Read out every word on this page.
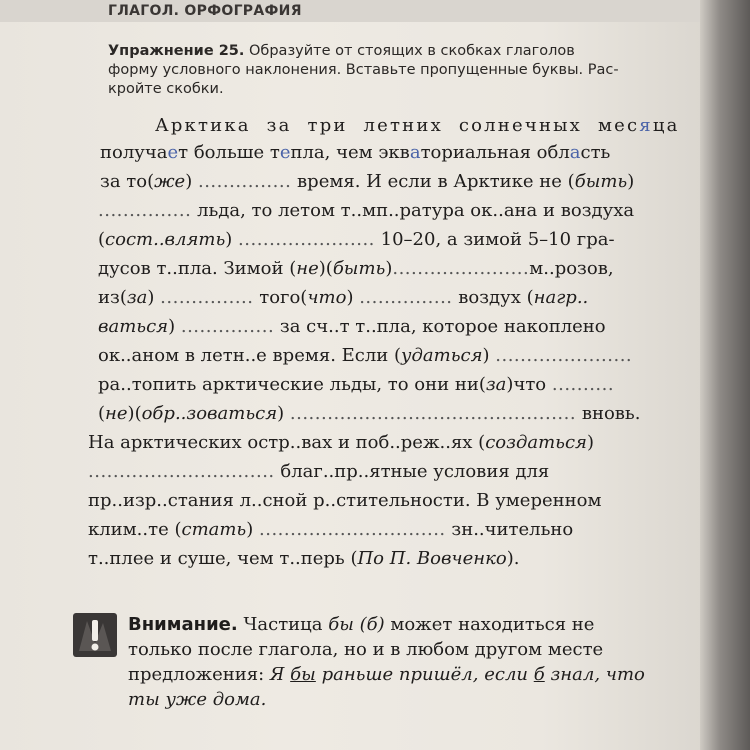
ГЛАГОЛ. ОРФОГРАФИЯ
Упражнение 25. Образуйте от стоящих в скобках глаголов
форму условного наклонения. Вставьте пропущенные буквы. Рас-
кройте скобки.
Арктика за три летних солнечных месяца
получает больше тепла, чем экваториальная область
за то(же) ............... время. И если в Арктике не (быть)
............... льда, то летом т..мп..ратура ок..ана и воздуха
(сост..влять) ...................... 10–20, а зимой 5–10 гра-
дусов т..пла. Зимой (не)(быть)......................м..розов,
из(за) ............... того(что) ............... воздух (нагр..
ваться) ............... за сч..т т..пла, которое накоплено
ок..аном в летн..е время. Если (удаться) ......................
ра..топить арктические льды, то они ни(за)что ..........
(не)(обр..зоваться) .............................................. вновь.
На арктических остр..вах и поб..реж..ях (создаться)
.............................. благ..пр..ятные условия для
пр..изр..стания л..сной р..стительности. В умеренном
клим..те (стать) .............................. зн..чительно
т..плее и суше, чем т..перь (По П. Вовченко).
Внимание. Частица бы (б) может находиться не
только после глагола, но и в любом другом месте
предложения: Я бы раньше пришёл, если б знал, что
ты уже дома.
